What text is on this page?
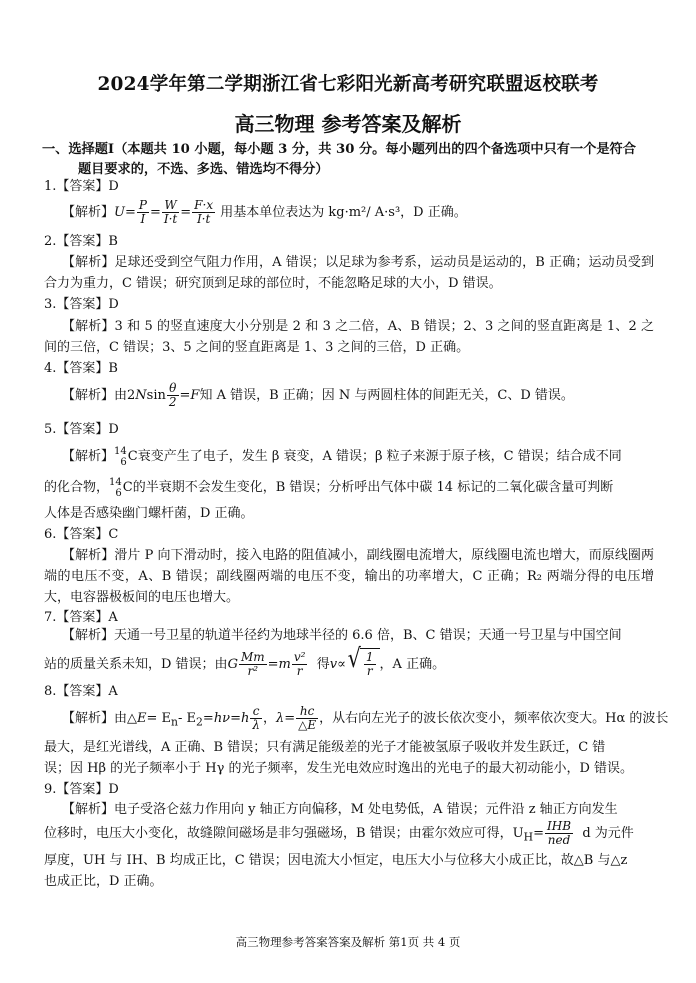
2024学年第二学期浙江省七彩阳光新高考研究联盟返校联考
高三物理 参考答案及解析
一、选择题Ⅰ（本题共 10 小题，每小题 3 分，共 30 分。每小题列出的四个备选项中只有一个是符合
题目要求的，不选、多选、错选均不得分）
1.【答案】D
【解析】$U= \frac{P}{I} = \frac{W}{I\cdot t} = \frac{F\cdot x}{I\cdot t}$ 用基本单位表达为 kg·m²/ A·s³，D 正确。
2.【答案】B
【解析】足球还受到空气阻力作用，A 错误；以足球为参考系，运动员是运动的，B 正确；运动员受到合力为重力，C 错误；研究顶到足球的部位时，不能忽略足球的大小，D 错误。
3.【答案】D
【解析】3 和 5 的竖直速度大小分别是 2 和 3 之二倍，A、B 错误；2、3 之间的竖直距离是 1、2 之间的三倍，C 错误；3、5 之间的竖直距离是 1、3 之间的三倍，D 正确。
4.【答案】B
【解析】由$2Nsin \frac{\theta}{2} =F$知 A 错误，B 正确；因 N 与两圆柱体的间距无关，C、D 错误。
5.【答案】D
【解析】 14
6 C衰变产生了电子，发生 β 衰变，A 错误；β 粒子来源于原子核，C 错误；结合成不同
的化合物， 14
6 C的半衰期不会发生变化，B 错误；分析呼出气体中碳 14 标记的二氧化碳含量可判断
人体是否感染幽门螺杆菌，D 正确。
6.【答案】C
【解析】滑片 P 向下滑动时，接入电路的阻值减小，副线圈电流增大，原线圈电流也增大，而原线圈两端的电压不变，A、B 错误；副线圈两端的电压不变，输出的功率增大，C 正确；R₂ 两端分得的电压增大，电容器极板间的电压也增大。
7.【答案】A
【解析】天通一号卫星的轨道半径约为地球半径的 6.6 倍，B、C 错误；天通一号卫星与中国空间
站的质量关系未知，D 错误；由G $\frac{Mm}{\text{r²}} =m \frac{\text{v²}}{r}$ 得v∝ √ $\frac{1}{r}$ ，A 正确。
8.【答案】A
【解析】由△E= $E_n-$ $E_2=h\nu=h \frac{c}{\lambda}$ ，$\lambda= \frac{hc}{\triangle E}$ ，从右向左光子的波长依次变小，频率依次变大。Hα 的波长
最大，是红光谱线，A 正确、B 错误；只有满足能级差的光子才能被氢原子吸收并发生跃迁，C 错
误；因 Hβ 的光子频率小于 Hγ 的光子频率，发生光电效应时逸出的光电子的最大初动能小，D 错误。
9.【答案】D
【解析】电子受洛仑兹力作用向 y 轴正方向偏移，M 处电势低，A 错误；元件沿 z 轴正方向发生
位移时，电压大小变化，故缝隙间磁场是非匀强磁场，B 错误；由霍尔效应可得，$U_H= \frac{\text{IHB}}{\text{ned}}$ d 为元件
厚度，UH 与 IH、B 均成正比，C 错误；因电流大小恒定，电压大小与位移大小成正比，故△B 与△z
也成正比，D 正确。
高三物理参考答案答案及解析 第1页 共 4 页
